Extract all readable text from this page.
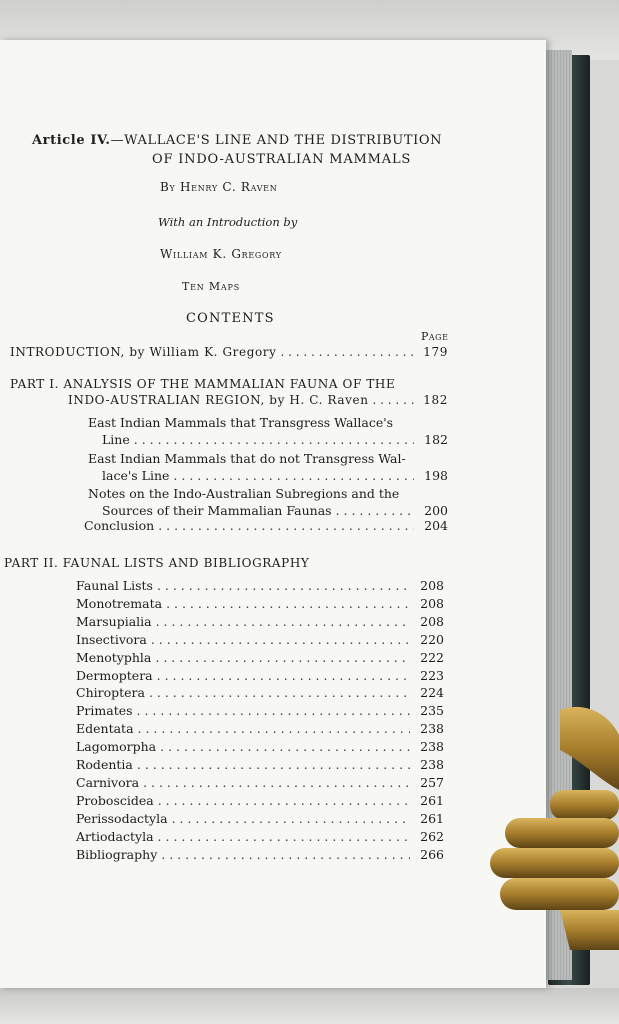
Article IV.—WALLACE'S LINE AND THE DISTRIBUTION
OF INDO-AUSTRALIAN MAMMALS
By Henry C. Raven
With an Introduction by
William K. Gregory
Ten Maps
CONTENTS
Page
INTRODUCTION, by William K. Gregory . . .	179
PART I. ANALYSIS OF THE MAMMALIAN FAUNA OF THE
INDO-AUSTRALIAN REGION, by H. C. Raven . . .	182
East Indian Mammals that Transgress Wallace's
Line . . .	182
East Indian Mammals that do not Transgress Wal-
lace's Line . . .	198
Notes on the Indo-Australian Subregions and the
Sources of their Mammalian Faunas . . .	200
Conclusion . . .	204
PART II. FAUNAL LISTS AND BIBLIOGRAPHY
Faunal Lists . . .	208
Monotremata . . .	208
Marsupialia . . .	208
Insectivora . . .	220
Menotyphla . . .	222
Dermoptera . . .	223
Chiroptera . . .	224
Primates . . .	235
Edentata . . .	238
Lagomorpha . . .	238
Rodentia . . .	238
Carnivora . . .	257
Proboscidea . . .	261
Perissodactyla . . .	261
Artiodactyla . . .	262
Bibliography . . .	266
